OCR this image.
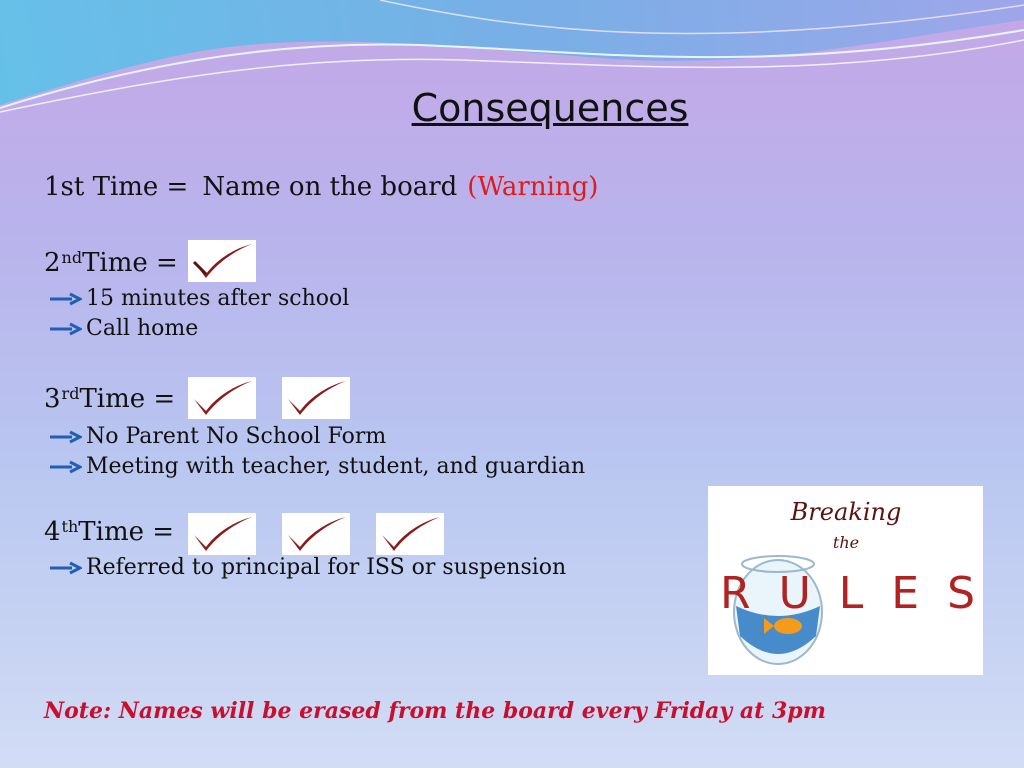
Consequences
1st Time = Name on the board (Warning)
2 nd Time =
15 minutes after school
Call home
3 rd Time =
No Parent No School Form
Meeting with teacher, student, and guardian
4 th Time =
Referred to principal for ISS or suspension
Breaking
the
RULES
Note: Names will be erased from the board every Friday at 3pm
